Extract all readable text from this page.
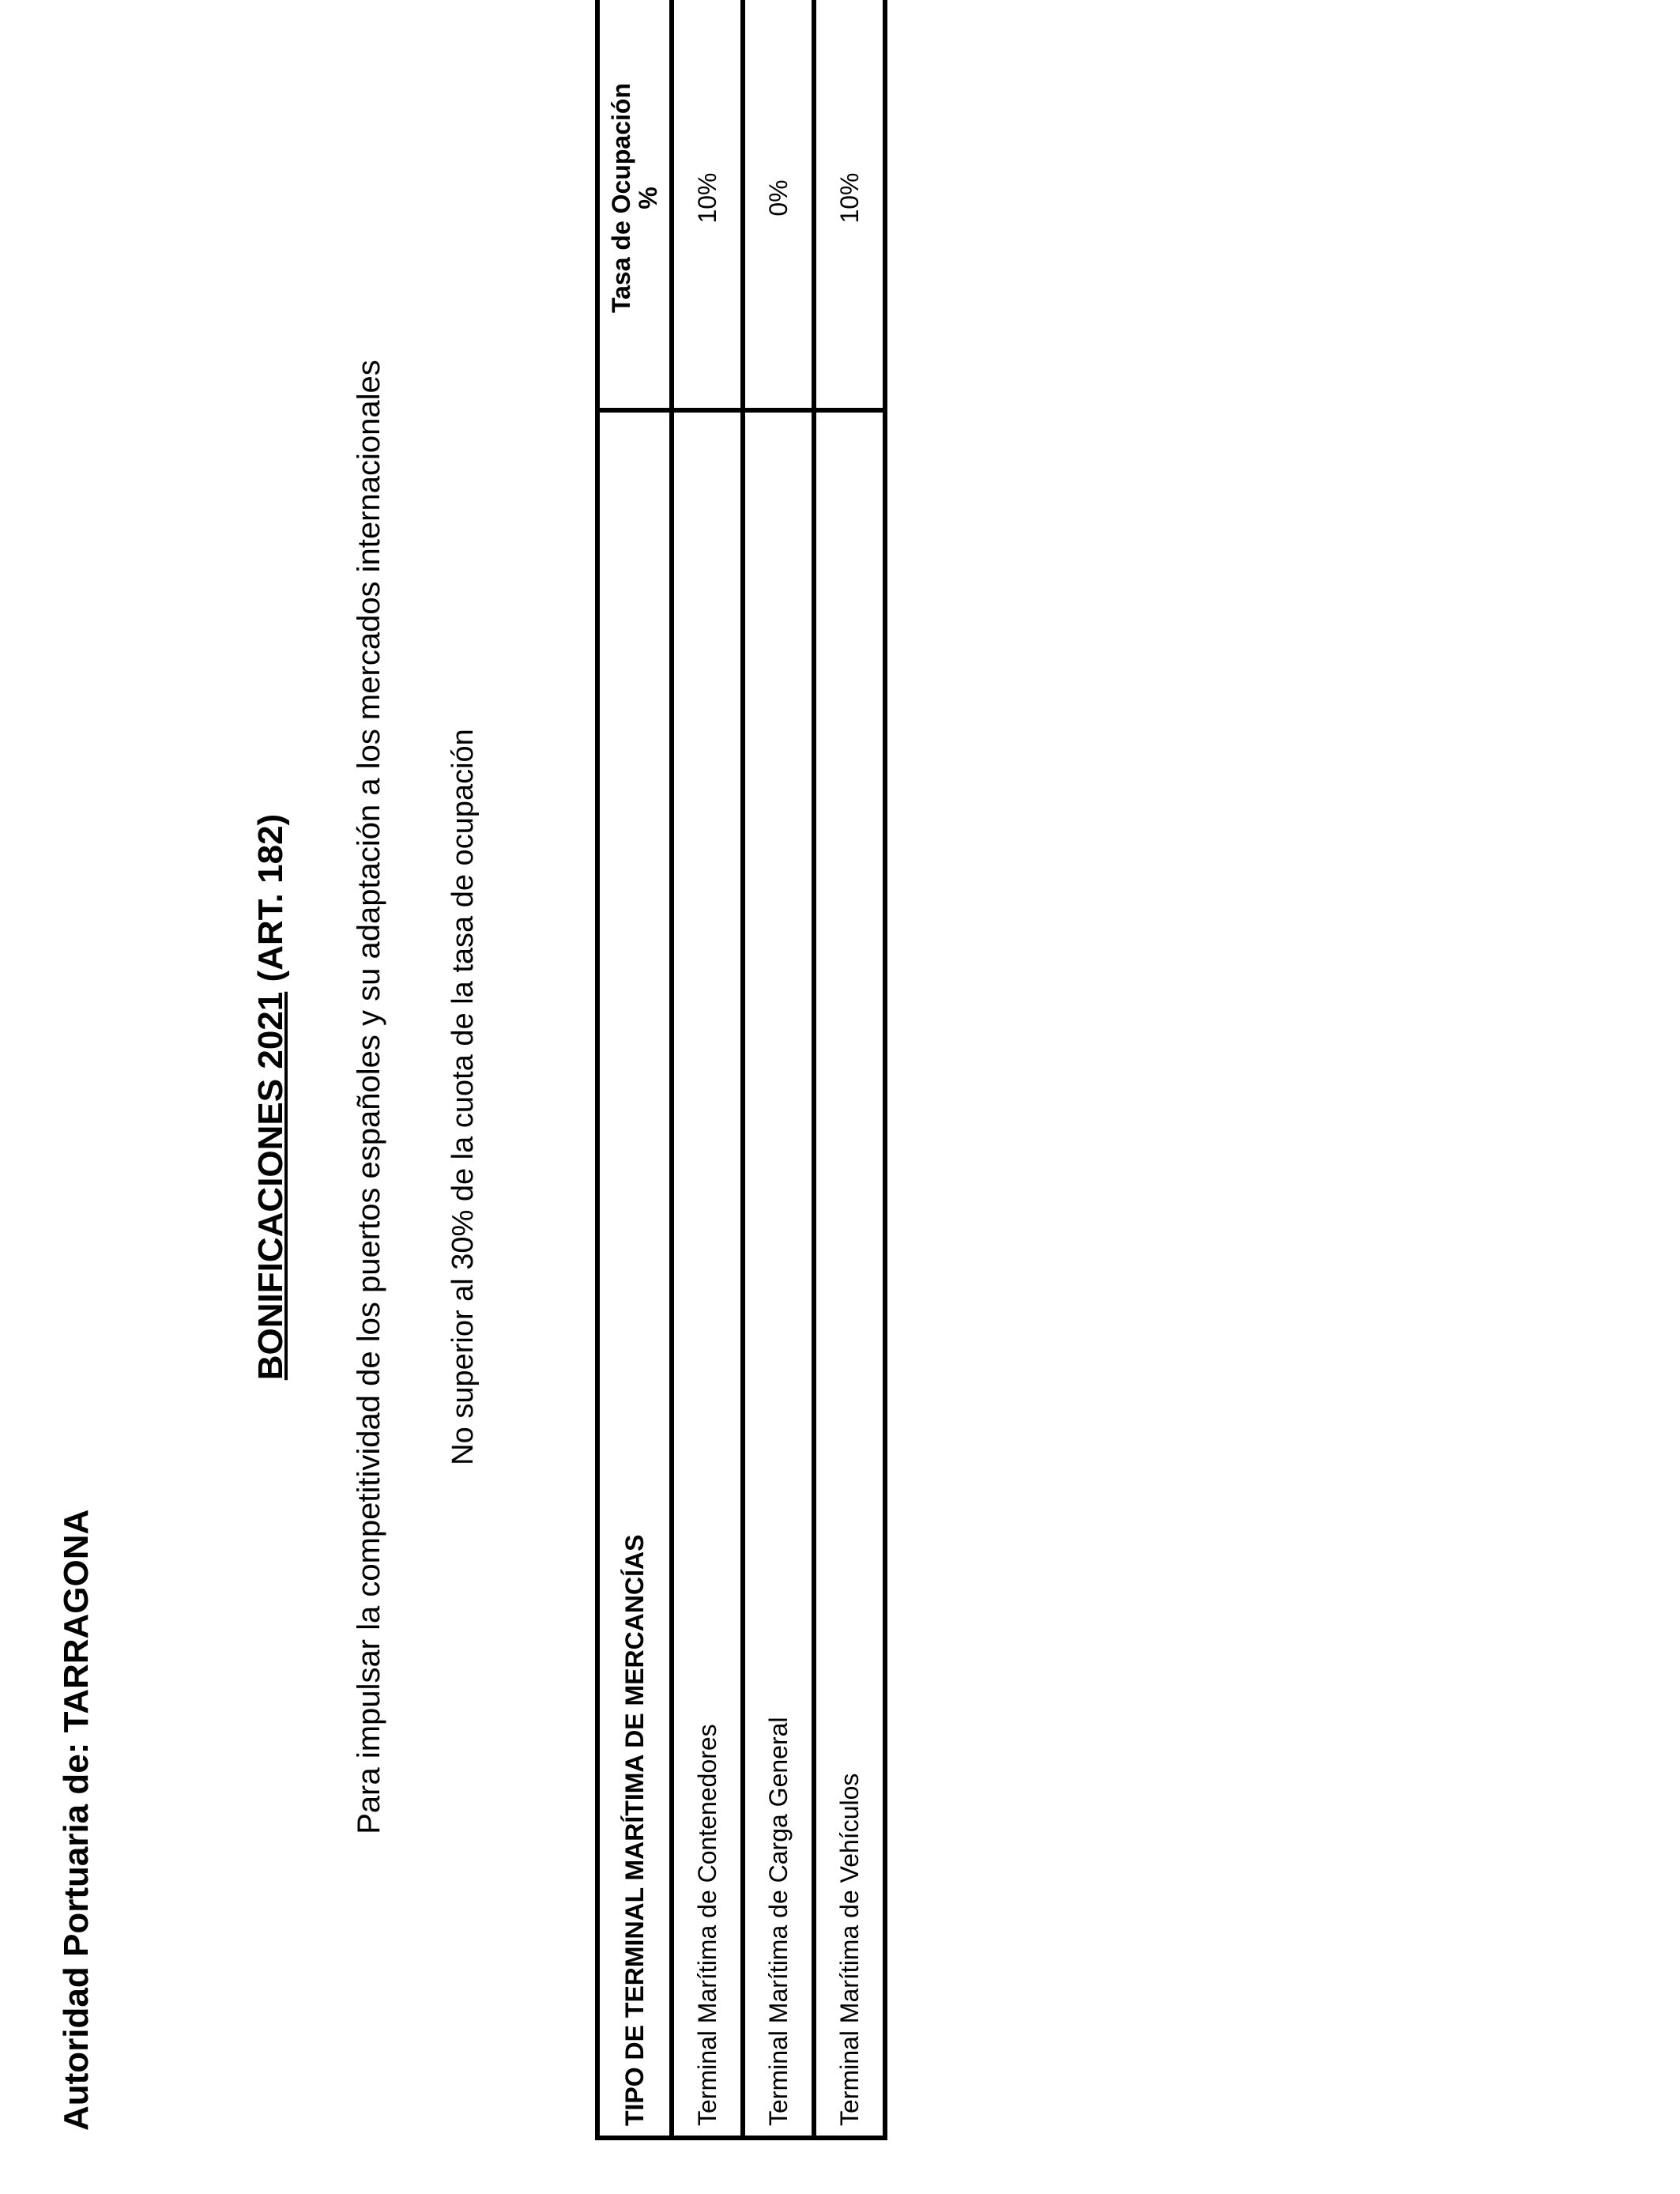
Autoridad Portuaria de: TARRAGONA
BONIFICACIONES 2021 (ART. 182) Para impulsar la competitividad de los puertos españoles y su adaptación a los mercados internacionales No superior al 30% de la cuota de la tasa de ocupación
TIPO DE TERMINAL MARÍTIMA DE MERCANCÍAS	Tasa de Ocupación
%
Terminal Marítima de Contenedores	10%
Terminal Marítima de Carga General	0%
Terminal Marítima de Vehículos	10%
